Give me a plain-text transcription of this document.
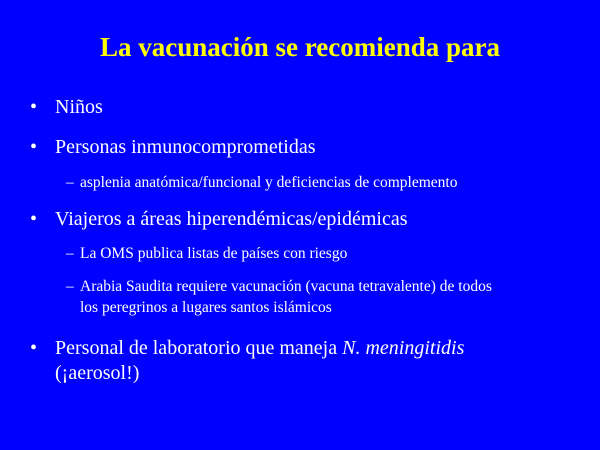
La vacunación se recomienda para
• Niños
• Personas inmunocomprometidas
– asplenia anatómica/funcional y deficiencias de complemento
• Viajeros a áreas hiperendémicas/epidémicas
– La OMS publica listas de países con riesgo
– Arabia Saudita requiere vacunación (vacuna tetravalente) de todos
los peregrinos a lugares santos islámicos
• Personal de laboratorio que maneja N. meningitidis
(¡aerosol!)
